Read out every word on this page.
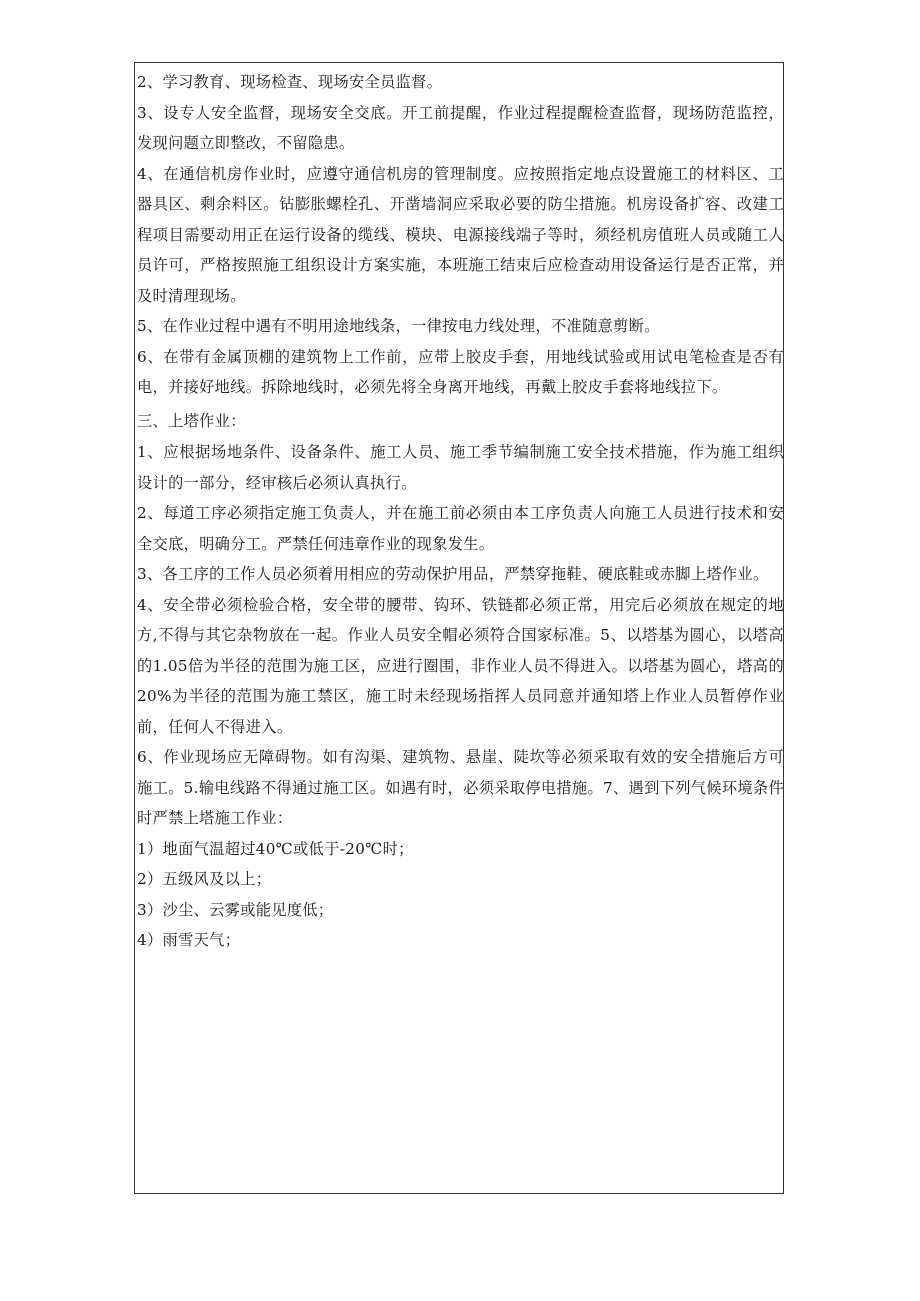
2、学习教育、现场检查、现场安全员监督。

3、设专人安全监督，现场安全交底。开工前提醒，作业过程提醒检查监督，现场防范监控，发现问题立即整改，不留隐患。

4、在通信机房作业时，应遵守通信机房的管理制度。应按照指定地点设置施工的材料区、工器具区、剩余料区。钻膨胀螺栓孔、开凿墙洞应采取必要的防尘措施。机房设备扩容、改建工程项目需要动用正在运行设备的缆线、模块、电源接线端子等时，须经机房值班人员或随工人员许可，严格按照施工组织设计方案实施，本班施工结束后应检查动用设备运行是否正常，并及时清理现场。

5、在作业过程中遇有不明用途地线条，一律按电力线处理，不准随意剪断。

6、在带有金属顶棚的建筑物上工作前，应带上胶皮手套，用地线试验或用试电笔检查是否有电，并接好地线。拆除地线时，必须先将全身离开地线，再戴上胶皮手套将地线拉下。

三、上塔作业：

1、应根据场地条件、设备条件、施工人员、施工季节编制施工安全技术措施，作为施工组织设计的一部分，经审核后必须认真执行。

2、每道工序必须指定施工负责人，并在施工前必须由本工序负责人向施工人员进行技术和安全交底，明确分工。严禁任何违章作业的现象发生。

3、各工序的工作人员必须着用相应的劳动保护用品，严禁穿拖鞋、硬底鞋或赤脚上塔作业。

4、安全带必须检验合格，安全带的腰带、钩环、铁链都必须正常，用完后必须放在规定的地方,不得与其它杂物放在一起。作业人员安全帽必须符合国家标准。5、以塔基为圆心，以塔高的1.05倍为半径的范围为施工区，应进行圈围，非作业人员不得进入。以塔基为圆心，塔高的20%为半径的范围为施工禁区，施工时未经现场指挥人员同意并通知塔上作业人员暂停作业前，任何人不得进入。

6、作业现场应无障碍物。如有沟渠、建筑物、悬崖、陡坎等必须采取有效的安全措施后方可施工。5.输电线路不得通过施工区。如遇有时，必须采取停电措施。7、遇到下列气候环境条件时严禁上塔施工作业：

1）地面气温超过40℃或低于-20℃时；

2）五级风及以上；

3）沙尘、云雾或能见度低；

4）雨雪天气；
